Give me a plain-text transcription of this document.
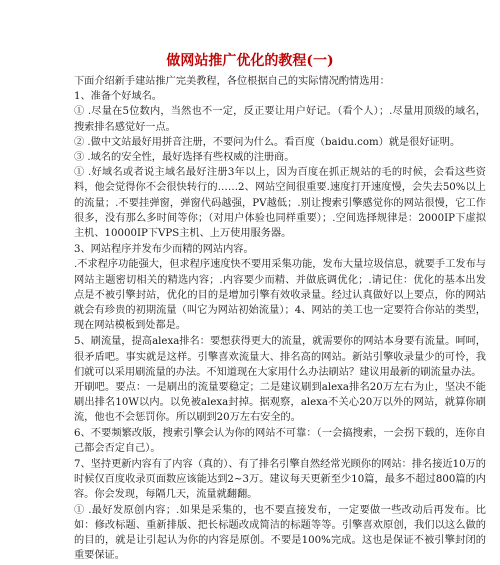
做网站推广优化的教程(一)

下面介绍新手建站推广完美教程，各位根据自己的实际情况酌情选用：

1、准备个好域名。

① .尽量在5位数内，当然也不一定，反正要让用户好记。（看个人）；.尽量用顶级的域名，搜索排名感觉好一点。

② .做中文站最好用拼音注册，不要问为什么。看百度（baidu.com）就是很好证明。

③ .域名的安全性，最好选择有些权威的注册商。

① .好域名或者说主域名最好注册3年以上，因为百度在抓正规站的毛的时候，会看这些资料，他会觉得你不会很快转行的……2、网站空间很重要.速度打开速度慢，会失去50%以上的流量；.不要挂弹窗，弹窗代码越强，PV越低；.别让搜索引擎感觉你的网站很慢，它工作很多，没有那么多时间等你；（对用户体验也同样重要）；.空间选择规律是：2000IP下虚拟主机、10000IP下VPS主机、上万使用服务器。

3、网站程序并发布少而精的网站内容。

.不求程序功能强大，但求程序速度快不要用采集功能，发布大量垃圾信息，就要手工发布与网站主题密切相关的精选内容；.内容要少而精、并做底调优化；.请记住：优化的基本出发点是不被引擎封站，优化的目的是增加引擎有效收录量。经过认真做好以上要点，你的网站就会有珍贵的初期流量（叫它为网站初始流量）；4、网站的美工也一定要符合你站的类型，现在网站模板到处都是。

5、刷流量，提高alexa排名：要想获得更大的流量，就需要你的网站本身要有流量。呵呵，很矛盾吧。事实就是这样。引擎喜欢流量大、排名高的网站。新站引擎收录量少的可怜，我们就可以采用刷流量的办法。不知道现在大家用什么办法刷站？建议用最新的刷流量办法。

开刷吧。要点：一是刷出的流量要稳定；二是建议刷到alexa排名20万左右为止，坚决不能刷出排名10W以内。以免被alexa封掉。据观察，alexa不关心20万以外的网站，就算你刷流，他也不会惩罚你。所以刷到20万左右安全的。

6、不要频繁改版，搜索引擎会认为你的网站不可靠：（一会搞搜索，一会拐下载的，连你自己都会否定自己）。

7、坚持更新内容有了内容（真的）、有了排名引擎自然经常光顾你的网站：排名接近10万的时候仅百度收录页面数应该能达到2~3万。建议每天更新至少10篇，最多不超过800篇的内容。你会发现，每隔几天，流量就翻翻。

① .最好发原创内容；.如果是采集的，也不要直接发布，一定要做一些改动后再发布。比如：修改标题、重新排版、把长标题改成简洁的标题等等。引擎喜欢原创，我们以这么做的的目的，就是让引起认为你的内容是原创。不要是100%完成。这也是保证不被引擎封闭的重要保证。
